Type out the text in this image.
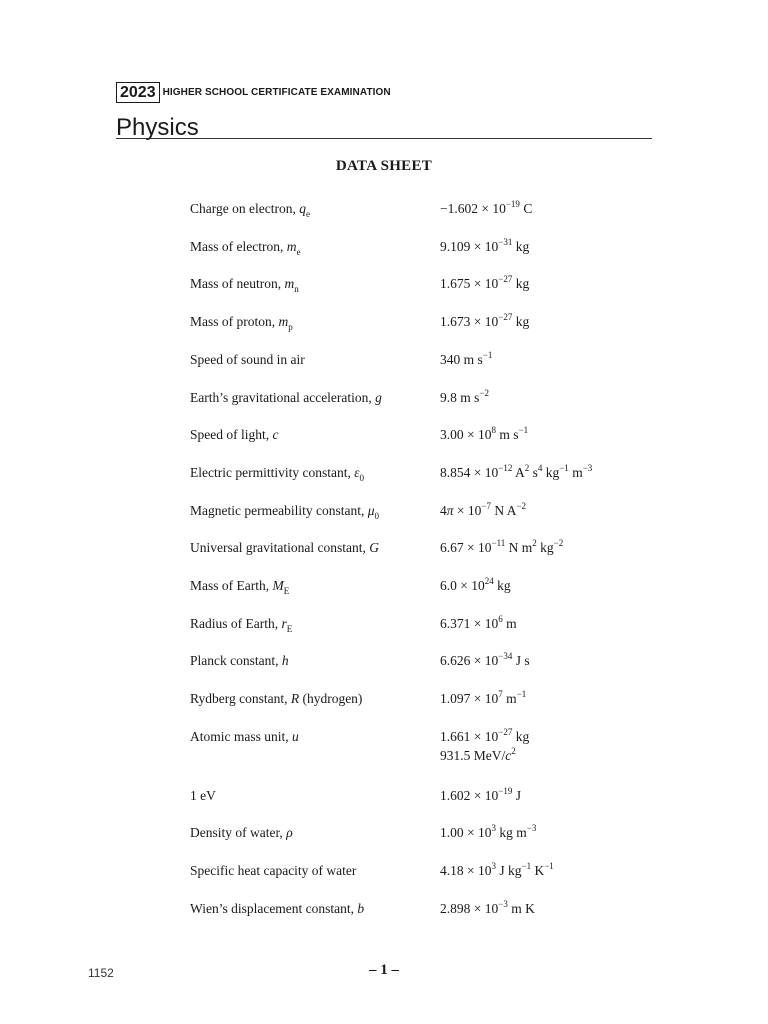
2023 HIGHER SCHOOL CERTIFICATE EXAMINATION
Physics
DATA SHEET
Charge on electron, $q_e$	$-1.602 \times 10^{-19}$ C
Mass of electron, $m_e$	$9.109 \times 10^{-31}$ kg
Mass of neutron, $m_n$	$1.675 \times 10^{-27}$ kg
Mass of proton, $m_p$	$1.673 \times 10^{-27}$ kg
Speed of sound in air	340 m $s^{-1}$
Earth’s gravitational acceleration, g	9.8 m $s^{-2}$
Speed of light, c	$3.00 \times 10^8$ m $s^{-1}$
Electric permittivity constant, $\varepsilon_0$	$8.854 \times 10^{-12}$ $A^2$ $s^4$ $kg^{-1}$ $m^{-3}$
Magnetic permeability constant, $\mu_0$	$4\pi \times 10^{-7}$ N $A^{-2}$
Universal gravitational constant, G	$6.67 \times 10^{-11}$ N $m^2$ $kg^{-2}$
Mass of Earth, $M_E$	$6.0 \times 10^{24}$ kg
Radius of Earth, $r_E$	$6.371 \times 10^6$ m
Planck constant, h	$6.626 \times 10^{-34}$ J s
Rydberg constant, R (hydrogen)	$1.097 \times 10^7$ $m^{-1}$
Atomic mass unit, u	$1.661 \times 10^{-27}$ kg
931.5 MeV/$c^2$
1 eV	$1.602 \times 10^{-19}$ J
Density of water, ρ	$1.00 \times 10^3$ kg $m^{-3}$
Specific heat capacity of water	$4.18 \times 10^3$ J $kg^{-1}$ $K^{-1}$
Wien’s displacement constant, b	$2.898 \times 10^{-3}$ m K
1152	– 1 –
